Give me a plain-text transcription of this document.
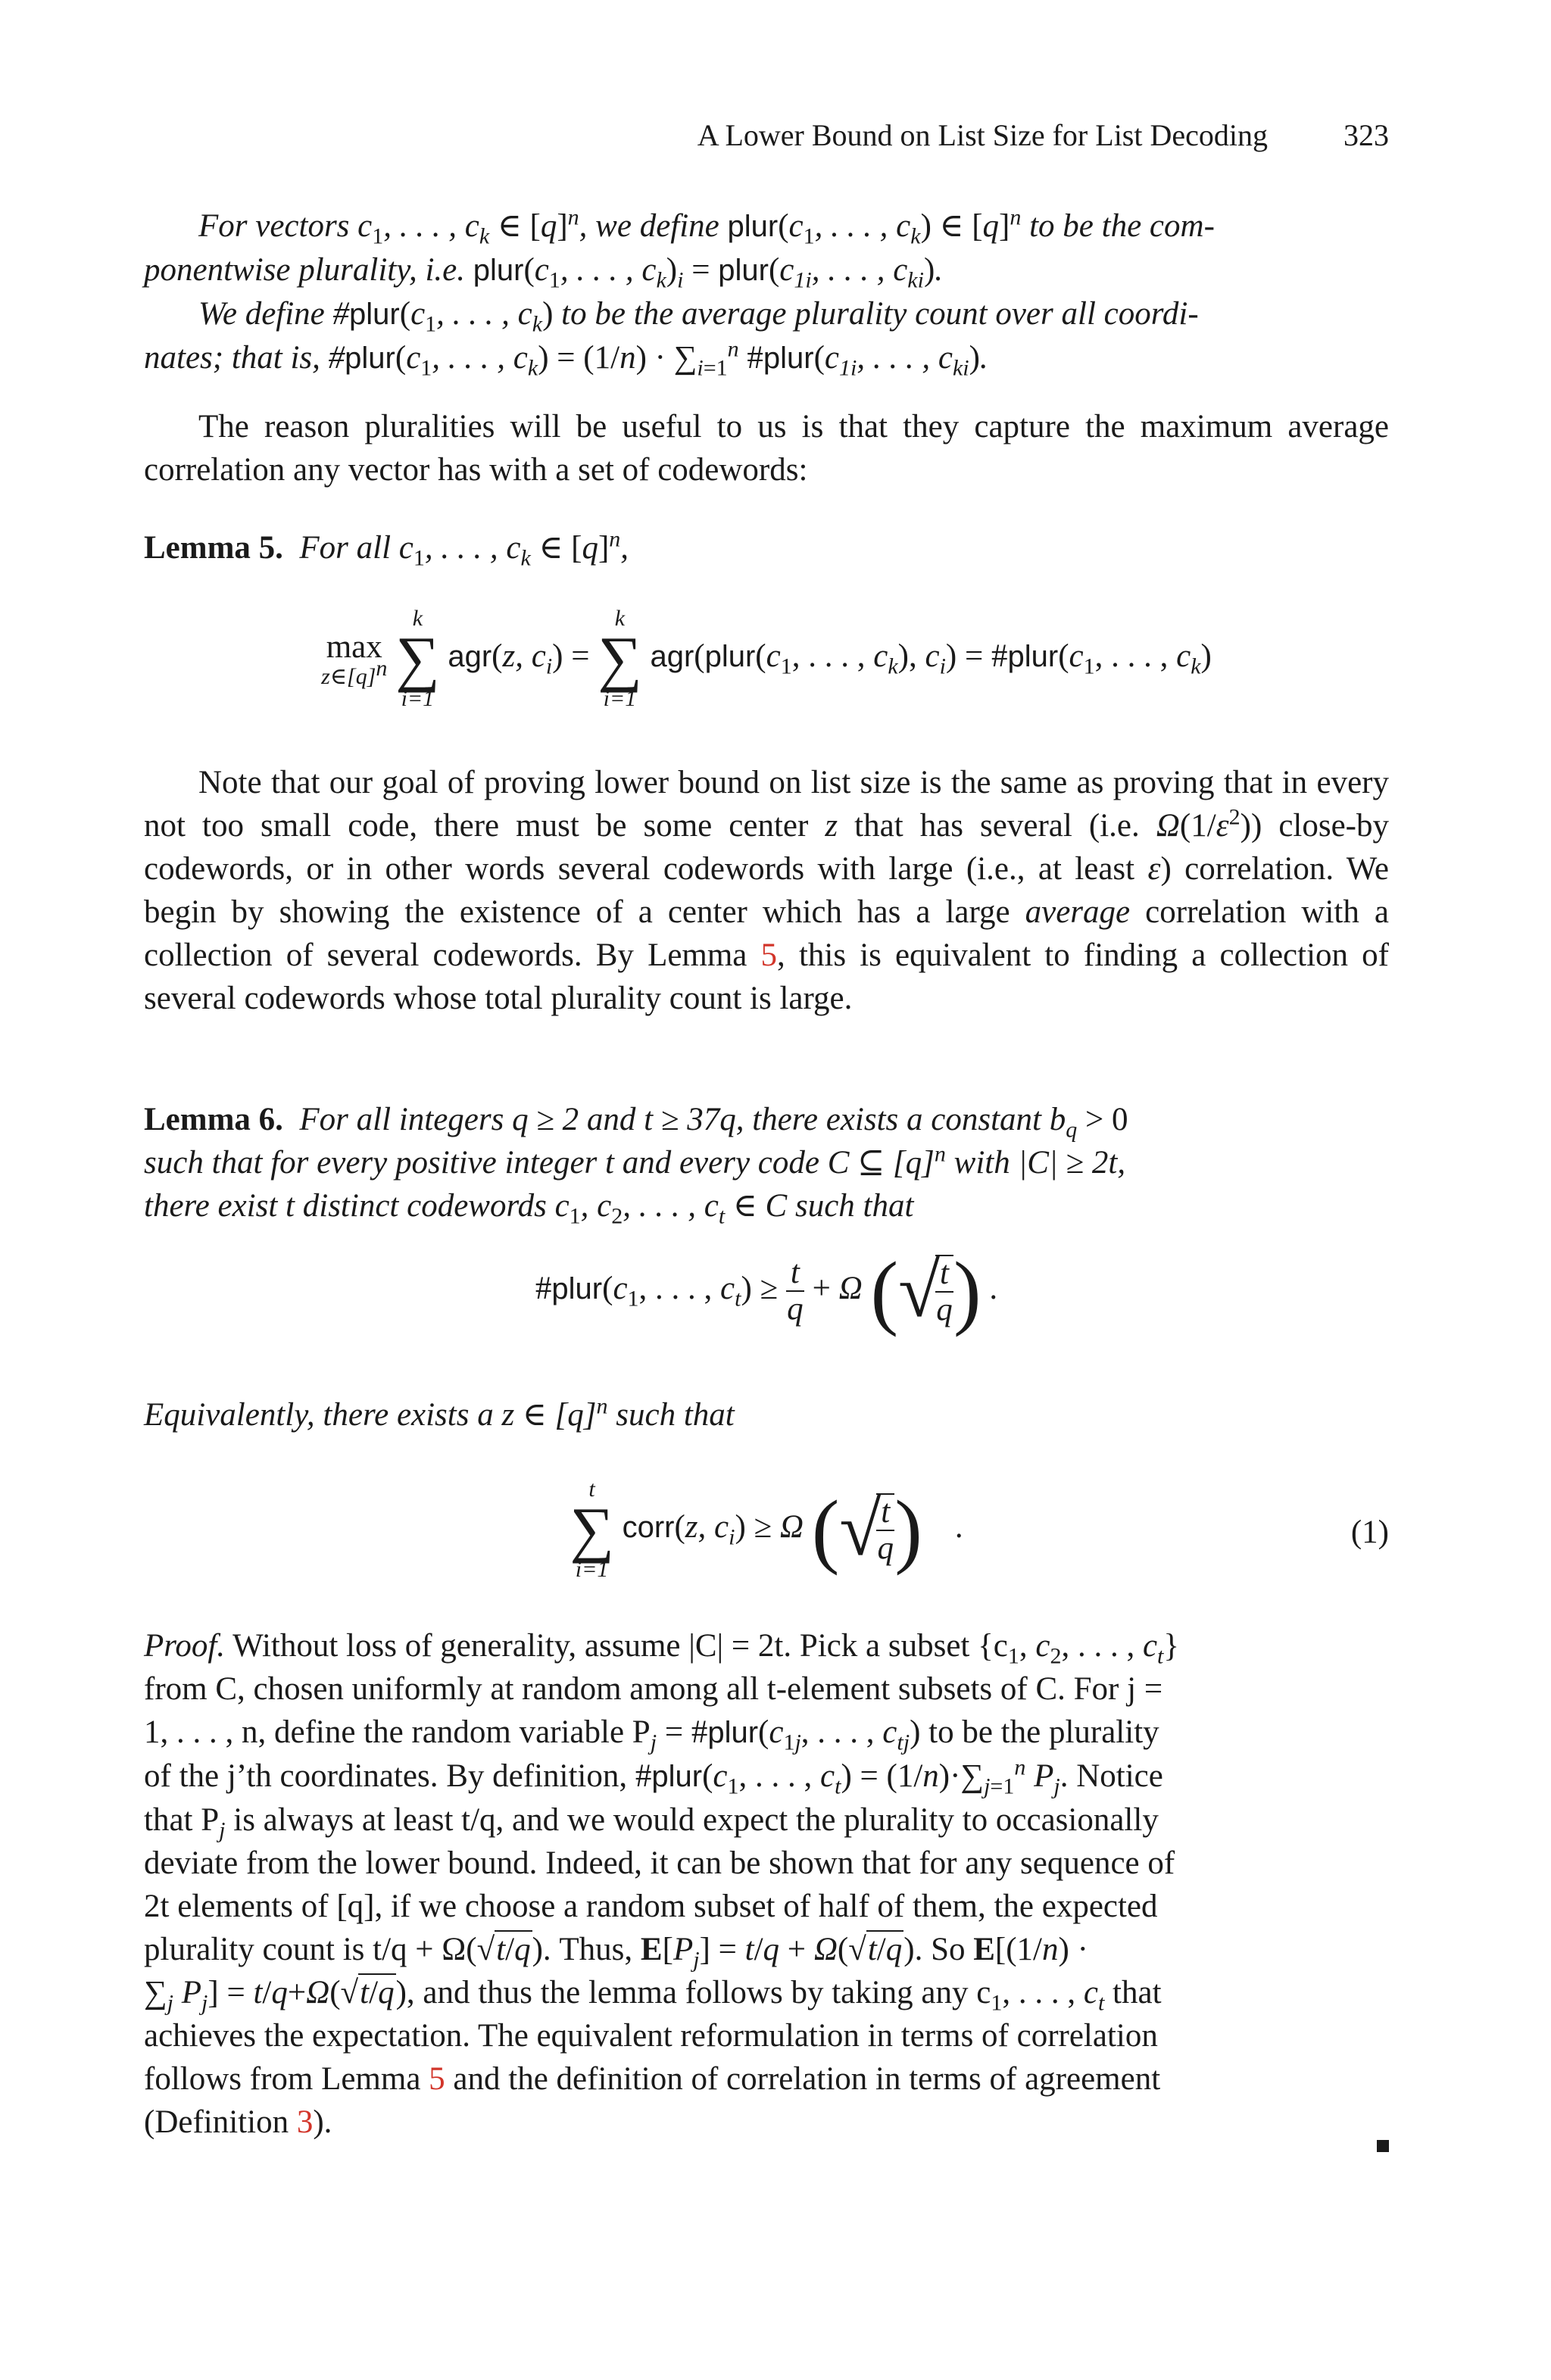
A Lower Bound on List Size for List Decoding	323

For vectors $c_1$, . . . , $c_k$ ∈ $[q]^n$, we define $plur(c_1$, . . . , $c_k$) ∈ $[q]^n$ to be the com-

ponentwise plurality, i.e. $plur(c_1$, . . . , $c_k)_i$ = $plur(c_{1i}$, . . . , $c_{ki}$).

We define $\#plur(c_1$, . . . , $c_k$) to be the average plurality count over all coordi-

nates; that is, $\#plur(c_1$, . . . , $c_k) = (1/n) \cdot \sum_{i=1}^n$ $\#plur(c_{1i}$, . . . , $c_{ki}$).

The reason pluralities will be useful to us is that they capture the maximum average correlation any vector has with a set of codewords:

Lemma 5. For all $c_1$, . . . , $c_k$ ∈ $[q]^n$,

max
$z\in[q]^n$

k
∑
i=1
agr(z, $c_i$) =
k
∑
i=1
$agr(plur(c_1$, . . . , $c_k$), $c_i$) = $\#plur(c_1$, . . . , $c_k$)

Note that our goal of proving lower bound on list size is the same as proving that in every not too small code, there must be some center z that has several (i.e. $\Omega(1/\varepsilon^2)$) close-by codewords, or in other words several codewords with large (i.e., at least ε) correlation. We begin by showing the existence of a center which has a large average correlation with a collection of several codewords. By Lemma 5, this is equivalent to finding a collection of several codewords whose total plurality count is large.

Lemma 6. For all integers q ≥ 2 and t ≥ 37q, there exists a constant $b_q > 0$

such that for every positive integer t and every code C ⊆ $[q]^n$ with |C| ≥ 2t,

there exist t distinct codewords $c_1$, $c_2$, . . . , $c_t$ ∈ C such that

$\#plur(c_1$, . . . , $c_t) \ge \frac{t}{q} + \Omega$ (√
$\frac{t}{q}$ ) .

Equivalently, there exists a z ∈ $[q]^n$ such that

t
∑
i=1
corr(z, $c_i) \ge \Omega$ (√
$\frac{t}{q}$ )    .	(1)

Proof. Without loss of generality, assume |C| = 2t. Pick a subset {$c_1$, $c_2$, . . . , $c_t$}

from C, chosen uniformly at random among all t-element subsets of C. For j =

1, . . . , n, define the random variable $P_j$ = $\#plur(c_{1j}$, . . . , $c_{tj}$) to be the plurality

of the j’th coordinates. By definition, $\#plur(c_1$, . . . , $c_t) = (1/n)\cdot\sum_{j=1}^n$ $P_j$. Notice

that $P_j$ is always at least t/q, and we would expect the plurality to occasionally

deviate from the lower bound. Indeed, it can be shown that for any sequence of

2t elements of [q], if we choose a random subset of half of them, the expected

plurality count is t/q + Ω(√t/q). Thus, $E[P_j] = t/q + \Omega(√t/q)$. So E[(1/n) ·

$\sum_j$ $P_j] = t/q+\Omega(√t/q)$, and thus the lemma follows by taking any $c_1$, . . . , $c_t$ that

achieves the expectation. The equivalent reformulation in terms of correlation

follows from Lemma 5 and the definition of correlation in terms of agreement

(Definition 3).
